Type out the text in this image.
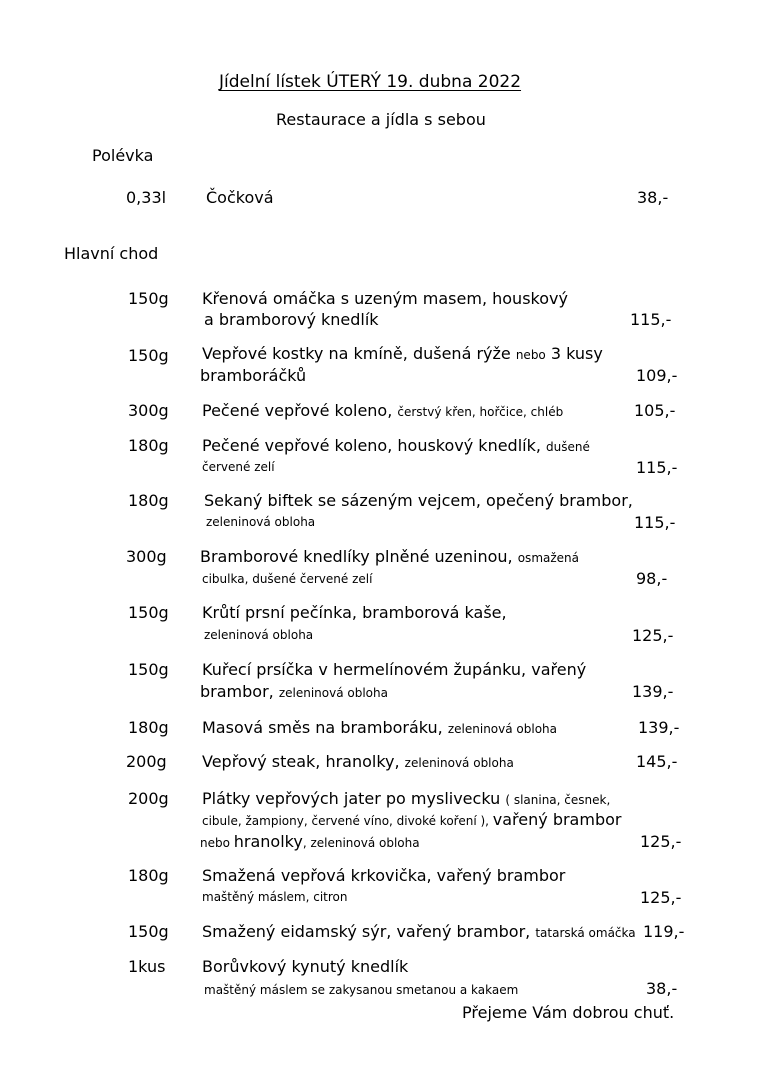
Jídelní lístek ÚTERÝ 19. dubna 2022
Restaurace a jídla s sebou
Polévka
0,33l Čočková	38,-
Hlavní chod
150g Křenová omáčka s uzeným masem, houskový
a bramborový knedlík	115,-
150g Vepřové kostky na kmíně, dušená rýže nebo 3 kusy
bramboráčků	109,-
300g Pečené vepřové koleno, čerstvý křen, hořčice, chléb	105,-
180g Pečené vepřové koleno, houskový knedlík, dušené
červené zelí	115,-
180g Sekaný biftek se sázeným vejcem, opečený brambor,
zeleninová obloha	115,-
300g Bramborové knedlíky plněné uzeninou, osmažená
cibulka, dušené červené zelí	98,-
150g Krůtí prsní pečínka, bramborová kaše,
zeleninová obloha	125,-
150g Kuřecí prsíčka v hermelínovém župánku, vařený
brambor, zeleninová obloha	139,-
180g Masová směs na bramboráku, zeleninová obloha	139,-
200g Vepřový steak, hranolky, zeleninová obloha	145,-
200g Plátky vepřových jater po myslivecku ( slanina, česnek,
cibule, žampiony, červené víno, divoké koření ), vařený brambor
nebo hranolky, zeleninová obloha	125,-
180g Smažená vepřová krkovička, vařený brambor
maštěný máslem, citron	125,-
150g Smažený eidamský sýr, vařený brambor, tatarská omáčka 119,-
1kus Borůvkový kynutý knedlík
maštěný máslem se zakysanou smetanou a kakaem	38,-
Přejeme Vám dobrou chuť.
